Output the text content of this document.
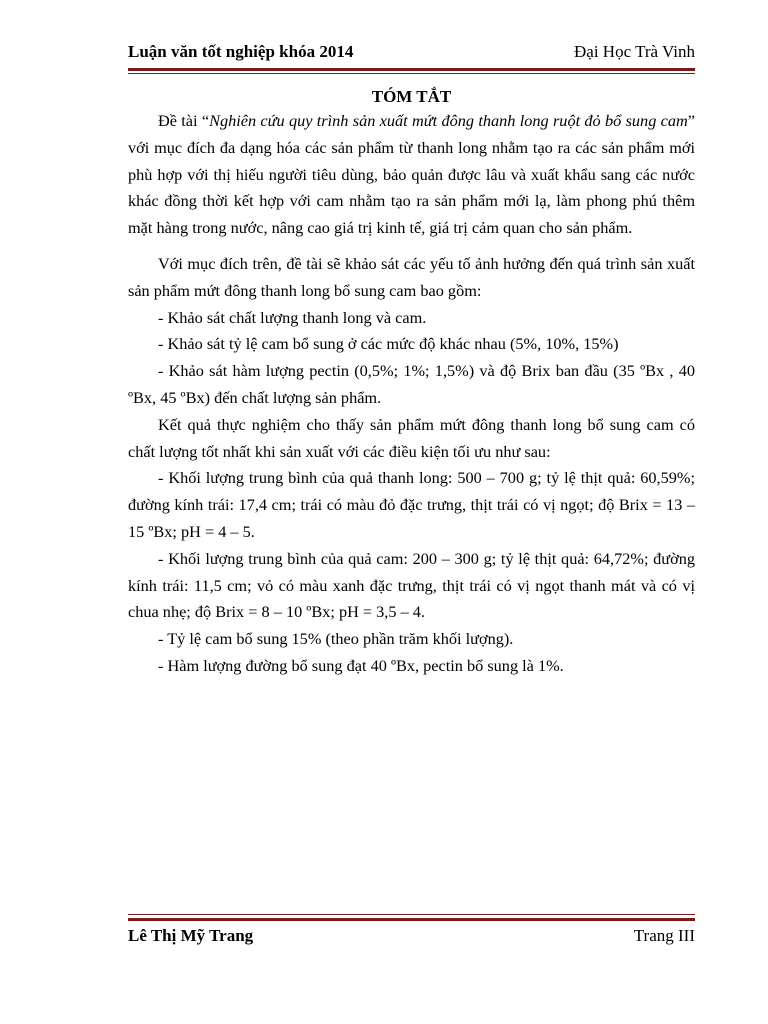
Luận văn tốt nghiệp khóa 2014	Đại Học Trà Vinh
TÓM TẮT

Đề tài “Nghiên cứu quy trình sản xuất mứt đông thanh long ruột đỏ bổ sung cam” với mục đích đa dạng hóa các sản phẩm từ thanh long nhằm tạo ra các sản phẩm mới phù hợp với thị hiếu người tiêu dùng, bảo quản được lâu và xuất khẩu sang các nước khác đồng thời kết hợp với cam nhằm tạo ra sản phẩm mới lạ, làm phong phú thêm mặt hàng trong nước, nâng cao giá trị kinh tế, giá trị cảm quan cho sản phẩm.

Với mục đích trên, đề tài sẽ khảo sát các yếu tố ảnh hưởng đến quá trình sản xuất sản phẩm mứt đông thanh long bổ sung cam bao gồm:

- Khảo sát chất lượng thanh long và cam.

- Khảo sát tỷ lệ cam bổ sung ở các mức độ khác nhau (5%, 10%, 15%)

- Khảo sát hàm lượng pectin (0,5%; 1%; 1,5%) và độ Brix ban đầu (35 ºBx , 40 ºBx, 45 ºBx) đến chất lượng sản phẩm.

Kết quả thực nghiệm cho thấy sản phẩm mứt đông thanh long bổ sung cam có chất lượng tốt nhất khi sản xuất với các điều kiện tối ưu như sau:

- Khối lượng trung bình của quả thanh long: 500 – 700 g; tỷ lệ thịt quả: 60,59%; đường kính trái: 17,4 cm; trái có màu đỏ đặc trưng, thịt trái có vị ngọt; độ Brix = 13 – 15 ºBx; pH = 4 – 5.

- Khối lượng trung bình của quả cam: 200 – 300 g; tỷ lệ thịt quả: 64,72%; đường kính trái: 11,5 cm; vỏ có màu xanh đặc trưng, thịt trái có vị ngọt thanh mát và có vị chua nhẹ; độ Brix = 8 – 10 ºBx; pH = 3,5 – 4.

- Tỷ lệ cam bổ sung 15% (theo phần trăm khối lượng).

- Hàm lượng đường bổ sung đạt 40 ºBx, pectin bổ sung là 1%.

Lê Thị Mỹ Trang	Trang III
